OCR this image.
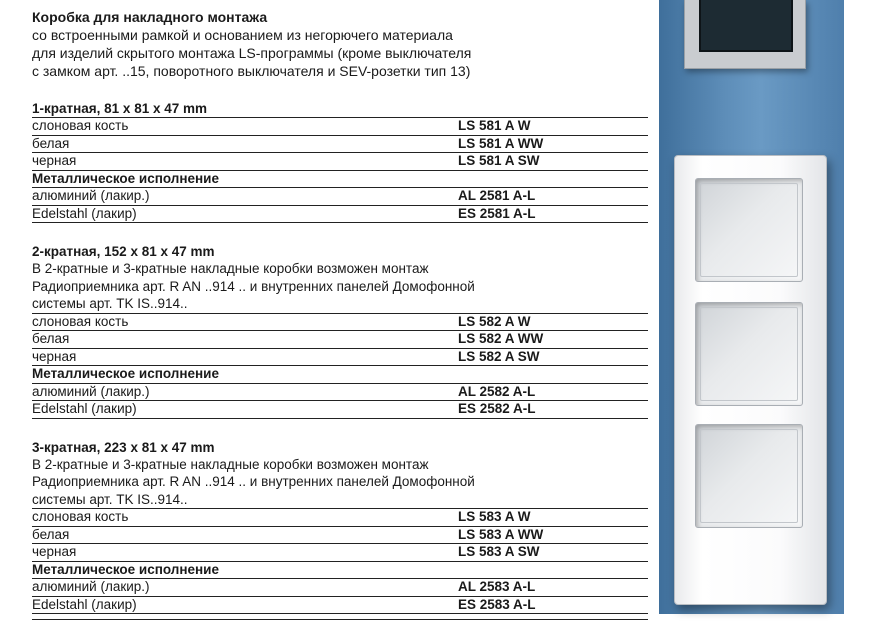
Коробка для накладного монтажа
со встроенными рамкой и основанием из негорючего материала
для изделий скрытого монтажа LS-программы (кроме выключателя
с замком арт. ..15, поворотного выключателя и SEV-розетки тип 13)
1-кратная, 81 x 81 x 47 mm
слоновая кость	LS 581 A W
белая	LS 581 A WW
черная	LS 581 A SW
Металлическое исполнение
алюминий (лакир.)	AL 2581 A-L
Edelstahl (лакир)	ES 2581 A-L
2-кратная, 152 x 81 x 47 mm
В 2-кратные и 3-кратные накладные коробки возможен монтаж
Радиоприемника арт. R AN ..914 .. и внутренних панелей Домофонной
системы арт. TK IS..914..
слоновая кость	LS 582 A W
белая	LS 582 A WW
черная	LS 582 A SW
Металлическое исполнение
алюминий (лакир.)	AL 2582 A-L
Edelstahl (лакир)	ES 2582 A-L
3-кратная, 223 x 81 x 47 mm
В 2-кратные и 3-кратные накладные коробки возможен монтаж
Радиоприемника арт. R AN ..914 .. и внутренних панелей Домофонной
системы арт. TK IS..914..
слоновая кость	LS 583 A W
белая	LS 583 A WW
черная	LS 583 A SW
Металлическое исполнение
алюминий (лакир.)	AL 2583 A-L
Edelstahl (лакир)	ES 2583 A-L
